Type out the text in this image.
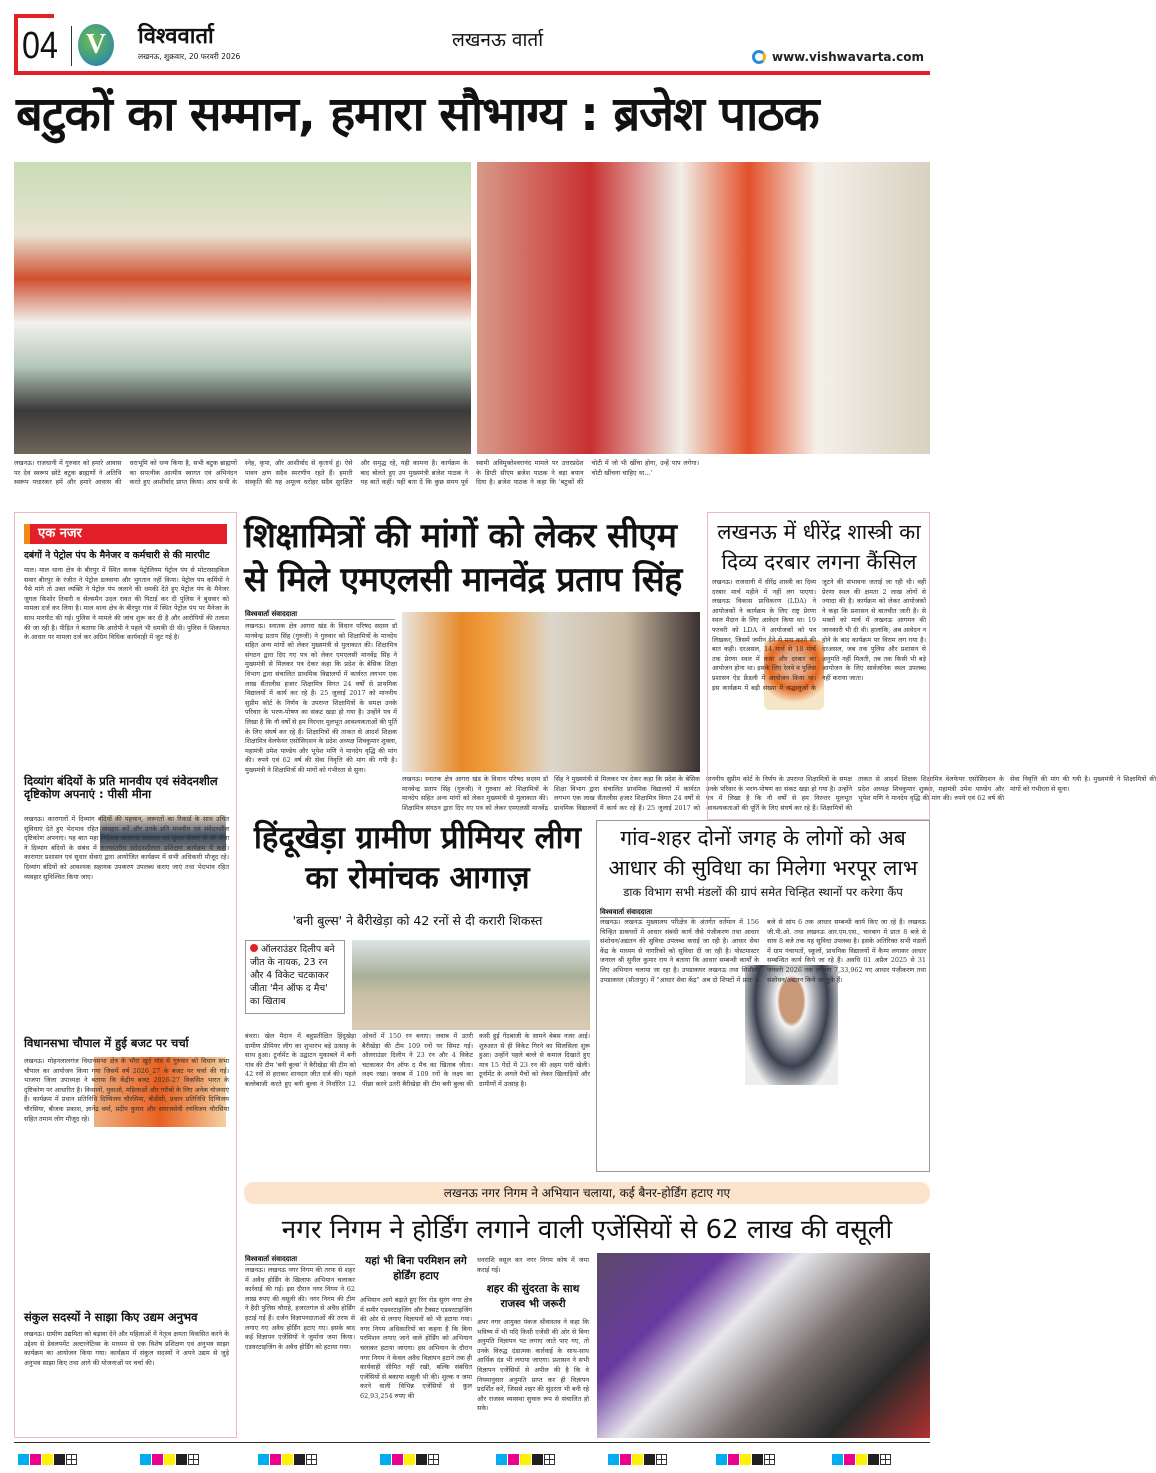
04 V	विश्ववार्ता
लखनऊ, शुक्रवार, 20 फरवरी 2026
लखनऊ वार्ता
www.vishwavarta.com
बटुकों का सम्मान, हमारा सौभाग्य : ब्रजेश पाठक
लखनऊ। राजधानी में गुरुवार को हमारे आवास पर देव स्वरूप छोटे बटुक ब्राह्मणों ने अतिथि स्वरूप पधारकर हमें और हमारे आवास की धराभूमि को धन्य किया है, सभी बटुक ब्राह्मणों का सपत्नीक आत्मीय स्वागत एवं अभिनंदन करते हुए आशीर्वाद प्राप्त किया। आप सभी के स्नेह, कृपा, और आशीर्वाद से कृतार्थ हूं। ऐसे पावन क्षण सदैव स्मरणीय रहते हैं। हमारी संस्कृति की यह अमूल्य धरोहर सदैव सुरक्षित और समृद्ध रहे, यही कामना है। कार्यक्रम के बाद बोलते हुए उप मुख्यमंत्री ब्रजेश पाठक ने यह बातें कहीं। यहीं बता दें कि कुछ समय पूर्व स्वामी अविमुक्तेश्वरानंद मामले पर उत्तरप्रदेश के डिप्टी सीएम ब्रजेश पाठक ने बड़ा बयान दिया है। ब्रजेश पाठक ने कहा कि 'बटुकों की चोटी में जो भी खींचा होगा, उन्हें पाप लगेगा। चोटी खींचना चाहिए था...'
एक नजर
दबंगों ने पेट्रोल पंप के मैनेजर व कर्मचारी से की मारपीट
माल। माल थाना क्षेत्र के बीरपुर में स्थित कनक पेट्रोलियम पेट्रोल पंप से मोटरसाइकिल सवार बीरपुर के रंजीत ने पेट्रोल डलवाया और भुगतान नहीं किया। पेट्रोल पंप कर्मियों ने पैसे मांगे तो उक्त व्यक्ति ने पेट्रोल पंप जलाने की धमकी देते हुए पेट्रोल पंप के मैनेजर जुगल किशोर तिवारी व सेल्समैन उदल रावत की पिटाई कर दी पुलिस ने बुधवार को मामला दर्ज कर लिया है। माल थाना क्षेत्र के बीरपुर गांव में स्थित पेट्रोल पंप पर मैनेजर के साथ मारपीट की गई। पुलिस ने मामले की जांच शुरू कर दी है और आरोपियों की तलाश की जा रही है। पीड़ित ने बताया कि आरोपी ने पहले भी धमकी दी थी। पुलिस ने शिकायत के आधार पर मामला दर्ज कर अग्रिम विधिक कार्यवाही में जुट गई है।
दिव्यांग बंदियों के प्रति मानवीय एवं संवेदनशील दृष्टिकोण अपनाएं : पीसी मीना
लखनऊ। कारागारों में दिव्यांग बंदियों की पहचान, जरूरतों का रिकार्ड के साथ उचित सुविधाएं देते हुए भेदभाव रहित व्यवहार करें और उनके प्रति मानवीय एवं संवेदनशील दृष्टिकोण अपनाएं। यह बात महा निदेशक कारागार प्रशासन एवं सुधार सेवाएं पी सी मीना ने दिव्यांग बंदियों के संबंध में राज्यस्तरीय संवेदनशीलता प्रशिक्षण कार्यक्रम में कहीं। कारागार प्रशासन एवं सुधार सेवाएं द्वारा आयोजित कार्यक्रम में सभी अधिकारी मौजूद रहे। दिव्यांग बंदियों को आवश्यक सहायक उपकरण उपलब्ध कराए जाएं तथा भेदभाव रहित व्यवहार सुनिश्चित किया जाए।
विधानसभा चौपाल में हुई बजट पर चर्चा
लखनऊ। मोहनलालगंज विधानसभा क्षेत्र के भौरा खुर्द गांव में गुरुवार को विधान सभा चौपाल का आयोजन किया गया जिसमें वर्ष 2026_27 के बजट पर चर्चा की गई। भाजपा जिला उपाध्यक्ष ने बताया कि केंद्रीय बजट 2026-27 विकसित भारत के दृष्टिकोण पर आधारित है। किसानों, युवाओं, महिलाओं और गरीबों के लिए अनेक योजनाएं हैं। कार्यक्रम में प्रधान प्रतिनिधि दिग्विजय चौरसिया, बीडीसी, प्रधान प्रतिनिधि दिग्विजय चौरसिया, बीजक प्रकाश, ज्ञानेंद्र वर्मा, प्रदीप कुमार और समाजसेवी रणविजय चौरसिया सहित तमाम लोग मौजूद रहे।
संकुल सदस्यों ने साझा किए उद्यम अनुभव
लखनऊ। ग्रामीण उद्यमिता को बढ़ावा देने और महिलाओं में नेतृत्व क्षमता विकसित करने के उद्देश्य से डेवलपमेंट अल्टरनेटिव्स के माध्यम से एक विशेष प्रशिक्षण एवं अनुभव साझा कार्यक्रम का आयोजन किया गया। कार्यक्रम में संकुल सदस्यों ने अपने उद्यम से जुड़े अनुभव साझा किए तथा आगे की योजनाओं पर चर्चा की।
शिक्षामित्रों की मांगों को लेकर सीएम से मिले एमएलसी मानवेंद्र प्रताप सिंह
विश्ववार्ता संवाददाता
लखनऊ। स्नातक क्षेत्र आगरा खंड के विधान परिषद सदस्य डॉ मानवेन्द्र प्रताप सिंह (गुरुजी) ने गुरुवार को शिक्षामित्रों के मानदेय सहित अन्य मांगों को लेकर मुख्यमंत्री से मुलाकात की। शिक्षामित्र संगठन द्वारा दिए गए पत्र को लेकर एमएलसी मानवेंद्र सिंह ने मुख्यमंत्री से मिलकर पत्र देकर कहा कि प्रदेश के बेसिक शिक्षा विभाग द्वारा संचालित प्राथमिक विद्यालयों में कार्यरत लगभग एक लाख सैंतालीस हजार शिक्षामित्र विगत 24 वर्षों से प्राथमिक विद्यालयों में कार्य कर रहे हैं। 25 जुलाई 2017 को माननीय सुप्रीम कोर्ट के निर्णय के उपरान्त शिक्षामित्रों के समक्ष उनके परिवार के भरण-पोषण का संकट खड़ा हो गया है। उन्होंने पत्र में लिखा है कि नौ वर्षों से हम निरन्तर मूलभूत आवश्यकताओं की पूर्ति के लिए संघर्ष कर रहे हैं। शिक्षामित्रों की ताकत से आदर्श शिक्षक शिक्षामित्र वेलफेयर एसोसिएशन के प्रदेश अध्यक्ष शिवकुमार शुक्ला, महामंत्री उमेश पाण्डेय और भूपेश मणि ने मानदेय वृद्धि की मांग की। रुपये एवं 62 वर्ष की सेवा निवृत्ति की मांग की गयी है। मुख्यमंत्री ने शिक्षामित्रों की मांगों को गंभीरता से सुना।
लखनऊ। स्नातक क्षेत्र आगरा खंड के विधान परिषद सदस्य डॉ मानवेन्द्र प्रताप सिंह (गुरुजी) ने गुरुवार को शिक्षामित्रों के मानदेय सहित अन्य मांगों को लेकर मुख्यमंत्री से मुलाकात की। शिक्षामित्र संगठन द्वारा दिए गए पत्र को लेकर एमएलसी मानवेंद्र सिंह ने मुख्यमंत्री से मिलकर पत्र देकर कहा कि प्रदेश के बेसिक शिक्षा विभाग द्वारा संचालित प्राथमिक विद्यालयों में कार्यरत लगभग एक लाख सैंतालीस हजार शिक्षामित्र विगत 24 वर्षों से प्राथमिक विद्यालयों में कार्य कर रहे हैं। 25 जुलाई 2017 को माननीय सुप्रीम कोर्ट के निर्णय के उपरान्त शिक्षामित्रों के समक्ष उनके परिवार के भरण-पोषण का संकट खड़ा हो गया है। उन्होंने पत्र में लिखा है कि नौ वर्षों से हम निरन्तर मूलभूत आवश्यकताओं की पूर्ति के लिए संघर्ष कर रहे हैं। शिक्षामित्रों की ताकत से आदर्श शिक्षक शिक्षामित्र वेलफेयर एसोसिएशन के प्रदेश अध्यक्ष शिवकुमार शुक्ला, महामंत्री उमेश पाण्डेय और भूपेश मणि ने मानदेय वृद्धि की मांग की। रुपये एवं 62 वर्ष की सेवा निवृत्ति की मांग की गयी है। मुख्यमंत्री ने शिक्षामित्रों की मांगों को गंभीरता से सुना।
लखनऊ में धीरेंद्र शास्त्री का दिव्य दरबार लगना कैंसिल
लखनऊ। राजधानी में धीरेंद्र शास्त्री का दिव्य दरबार मार्च महीने में नहीं लग पाएगा। लखनऊ विकास प्राधिकरण (LDA) ने आयोजकों ने कार्यक्रम के लिए राष्ट्र प्रेरणा स्थल मैदान के लिए आवेदन किया था। 19 फरवरी को LDA ने आयोजकों को पत्र लिखकर, जिसमें जमीन देने से मना करने की बात कही। दरअसल, 14 मार्च से 18 मार्च तक प्रेरणा स्थल में कथा और दरबार का आयोजन होना था। इसके लिए रेलवे व पुलिस प्रशासन ऐड फ्रेंडली में आयोजन किया था। इस कार्यक्रम में बड़ी संख्या में श्रद्धालुओं के जुटने की संभावना जताई जा रही थी। वहीं प्रेरणा स्थल की क्षमता 2 लाख लोगों से ज्यादा की है। कार्यक्रम को लेकर आयोजकों ने कहा कि प्रशासन से बातचीत जारी है। से भक्तों को मार्च में लखनऊ आगमन की जानकारी भी दी थी। हालांकि, अब आवेदन न होने के बाद कार्यक्रम पर विराम लग गया है। दरअसल, जब तक पुलिस और प्रशासन से अनुमति नहीं मिलती, तब तक किसी भी बड़े आयोजन के लिए सार्वजनिक स्थल उपलब्ध नहीं कराया जाता।
हिंदूखेड़ा ग्रामीण प्रीमियर लीग का रोमांचक आगाज़
'बनी बुल्स' ने बैरीखेड़ा को 42 रनों से दी करारी शिकस्त
ऑलराउंडर दिलीप बने जीत के नायक, 23 रन और 4 विकेट चटकाकर जीता 'मैन ऑफ द मैच' का खिताब
बंथरा। खेल मैदान में बहुप्रतीक्षित हिंदूखेड़ा ग्रामीण प्रीमियर लीग का शुभारंभ बड़े उत्साह के साथ हुआ। टूर्नामेंट के उद्घाटन मुकाबले में बनी गांव की टीम 'बनी बुल्स' ने बैरीखेड़ा की टीम को 42 रनों से हराकर शानदार जीत दर्ज की। पहले बल्लेबाजी करते हुए बनी बुल्स ने निर्धारित 12 ओवरों में 150 रन बनाए। जवाब में उतरी बैरीखेड़ा की टीम 109 रनों पर सिमट गई। ऑलराउंडर दिलीप ने 23 रन और 4 विकेट चटकाकर मैन ऑफ द मैच का खिताब जीता। लक्ष्य रखा। जवाब में 109 रनों के लक्ष्य का पीछा करने उतरी बैरीखेड़ा की टीम बनी बुल्स की कसी हुई गेंदबाजी के सामने बेबस नजर आई। शुरुआत से ही विकेट गिरने का सिलसिला शुरू हुआ। उन्होंने पहले बल्ले से कमाल दिखाते हुए मात्र 15 गेंदों में 23 रन की अहम पारी खेली। टूर्नामेंट के अगले मैचों को लेकर खिलाड़ियों और ग्रामीणों में उत्साह है।
गांव-शहर दोनों जगह के लोगों को अब आधार की सुविधा का मिलेगा भरपूर लाभ
डाक विभाग सभी मंडलों की ग्रापं समेत चिन्हित स्थानों पर करेगा कैंप
विश्ववार्ता संवाददाता
लखनऊ। लखनऊ मुख्यालय परिक्षेत्र के अंतर्गत वर्तमान में 156 चिन्हित डाकघरों में आधार संबंधी कार्य जैसे पंजीकरण तथा आधार संशोधन/अद्यतन की सुविधा उपलब्ध कराई जा रही है। आधार सेवा केंद्र के माध्यम से नागरिकों को सुविधा दी जा रही है। पोस्टमास्टर जनरल श्री सुनील कुमार राय ने बताया कि आधार सम्बन्धी कार्यों के लिए अभियान चलाया जा रहा है। उपडाकघर लखनऊ तथा सिधौली उपडाकघर (सीतापुर) में "आधार सेवा केंद्र" अब दो शिफ्टों में प्रातः 8 बजे से सांय 6 तक आधार सम्बन्धी कार्य किए जा रहे हैं। लखनऊ जी.पी.ओ. तथा लखनऊ आर.एम.एस., चारबाग में प्रातः 8 बजे से सांय 8 बजे तक यह सुविधा उपलब्ध है। इसके अतिरिक्त सभी मंडलों में ग्राम पंचायतों, स्कूलों, प्राथमिक विद्यालयों में कैम्प लगाकर आधार सम्बन्धित कार्य किये जा रहे हैं। अवधि 01 अप्रैल 2025 से 31 जनवरी 2026 तक लगभग 7,33,962 नए आधार पंजीकरण तथा संशोधन/अद्यतन किये जा चुके हैं।
लखनऊ नगर निगम ने अभियान चलाया, कई बैनर-होर्डिंग हटाए गए
नगर निगम ने होर्डिंग लगाने वाली एजेंसियों से 62 लाख की वसूली
विश्ववार्ता संवाददाता
लखनऊ। लखनऊ नगर निगम की तरफ से शहर में अवैध होर्डिंग के खिलाफ अभियान चलाकर कार्रवाई की गई। इस दौरान नगर निगम ने 62 लाख रुपए की वसूली की। नगर निगम की टीम ने हैदी पुलिस चौराहे, हजरतगंज से अवैध होर्डिंग हटाई गई हैं। दर्जन विज्ञापनदाताओं की तरफ से लगाए गए अवैध होर्डिंग हटाए गए। इसके बाद कई विज्ञापन एजेंसियों ने जुर्माना जमा किया। एडवरटाइजिंग के अवैध होर्डिंग को हटाया गया।
यहां भी बिना परमिशन लगे होर्डिंग हटाए
अभियान आगे बढ़ाते हुए रिंग रोड सुरंग नगर क्षेत्र में समीर एडवरटाइजिंग और टैक्सट एडवरटाइजिंग की ओर से लगाए विज्ञापनों को भी हटाया गया। नगर निगम अधिकारियों का कहना है कि बिना परमिशन लगाए जाने वाले होर्डिंग को अभियान चलाकर हटाया जाएगा। इस अभियान के दौरान नगर निगम ने केवल अवैध विज्ञापन हटाने तक ही कार्यवाही सीमित नहीं रखी, बल्कि संबंधित एजेंसियों से बकाया वसूली भी की। शुल्क न जमा करने वाली विभिन्न एजेंसियों से कुल 62,93,254 रुपए की
धनराशि वसूल कर नगर निगम कोष में जमा कराई गई।
शहर की सुंदरता के साथ राजस्व भी जरूरी
अपर नगर आयुक्त पंकज श्रीवास्तव ने कहा कि भविष्य में भी यदि किसी एजेंसी की ओर से बिना अनुमति विज्ञापन पट लगाए जाते पाए गए, तो उनके विरुद्ध दंडात्मक कार्रवाई के साथ-साथ आर्थिक दंड भी लगाया जाएगा। प्रशासन ने सभी विज्ञापन एजेंसियों से अपील की है कि वे नियमानुसार अनुमति प्राप्त कर ही विज्ञापन प्रदर्शित करें, जिससे शहर की सुंदरता भी बनी रहे और राजस्व व्यवस्था सुचारु रूप से संचालित हो सके।
